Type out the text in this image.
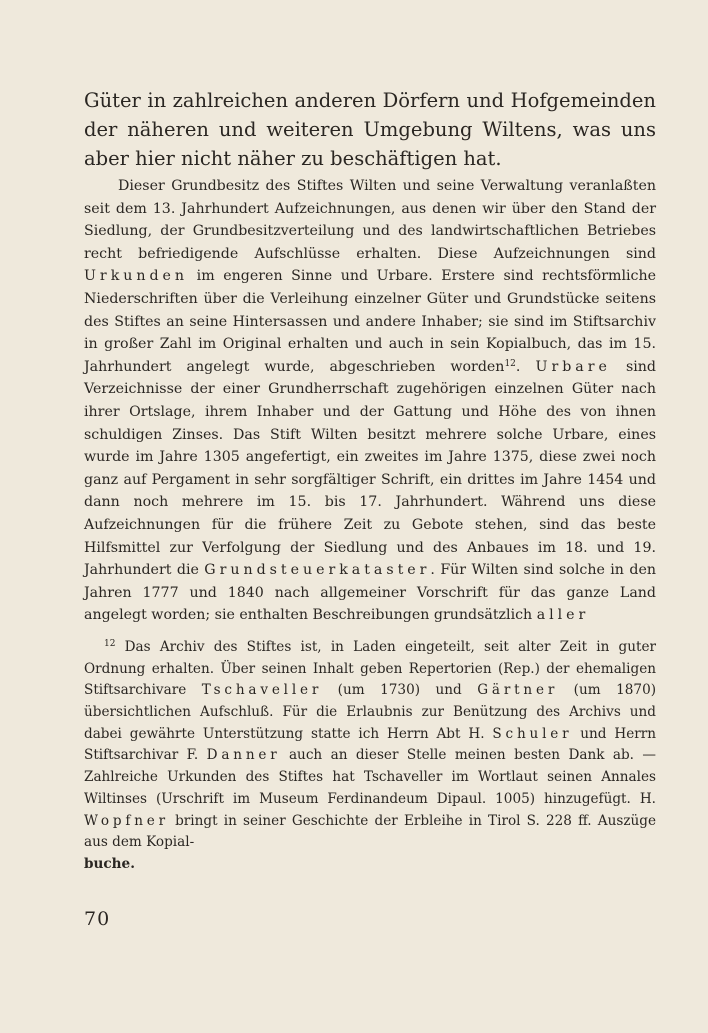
Güter in zahlreichen anderen Dörfern und Hofgemeinden der näheren und weiteren Umgebung Wiltens, was uns aber hier nicht näher zu beschäftigen hat.

Dieser Grundbesitz des Stiftes Wilten und seine Verwaltung veranlaßten seit dem 13. Jahrhundert Aufzeichnungen, aus denen wir über den Stand der Siedlung, der Grundbesitzverteilung und des landwirtschaftlichen Betriebes recht befriedigende Aufschlüsse erhalten. Diese Aufzeichnungen sind Urkunden im engeren Sinne und Urbare. Erstere sind rechtsförmliche Niederschriften über die Verleihung einzelner Güter und Grundstücke seitens des Stiftes an seine Hintersassen und andere Inhaber; sie sind im Stiftsarchiv in großer Zahl im Original erhalten und auch in sein Kopialbuch, das im 15. Jahrhundert angelegt wurde, abgeschrieben worden$^{12}$. Urbare sind Verzeichnisse der einer Grundherrschaft zugehörigen einzelnen Güter nach ihrer Ortslage, ihrem Inhaber und der Gattung und Höhe des von ihnen schuldigen Zinses. Das Stift Wilten besitzt mehrere solche Urbare, eines wurde im Jahre 1305 angefertigt, ein zweites im Jahre 1375, diese zwei noch ganz auf Pergament in sehr sorgfältiger Schrift, ein drittes im Jahre 1454 und dann noch mehrere im 15. bis 17. Jahrhundert. Während uns diese Aufzeichnungen für die frühere Zeit zu Gebote stehen, sind das beste Hilfsmittel zur Verfolgung der Siedlung und des Anbaues im 18. und 19. Jahrhundert die Grundsteuerkataster. Für Wilten sind solche in den Jahren 1777 und 1840 nach allgemeiner Vorschrift für das ganze Land angelegt worden; sie enthalten Beschreibungen grundsätzlich aller

$^{12}$ Das Archiv des Stiftes ist, in Laden eingeteilt, seit alter Zeit in guter Ordnung erhalten. Über seinen Inhalt geben Repertorien (Rep.) der ehemaligen Stiftsarchivare Tschaveller (um 1730) und Gärtner (um 1870) übersichtlichen Aufschluß. Für die Erlaubnis zur Benützung des Archivs und dabei gewährte Unterstützung statte ich Herrn Abt H. Schuler und Herrn Stiftsarchivar F. Danner auch an dieser Stelle meinen besten Dank ab. — Zahlreiche Urkunden des Stiftes hat Tschaveller im Wortlaut seinen Annales Wiltinses (Urschrift im Museum Ferdinandeum Dipaul. 1005) hinzugefügt. H. Wopfner bringt in seiner Geschichte der Erbleihe in Tirol S. 228 ff. Auszüge aus dem Kopial-
buche.

70
